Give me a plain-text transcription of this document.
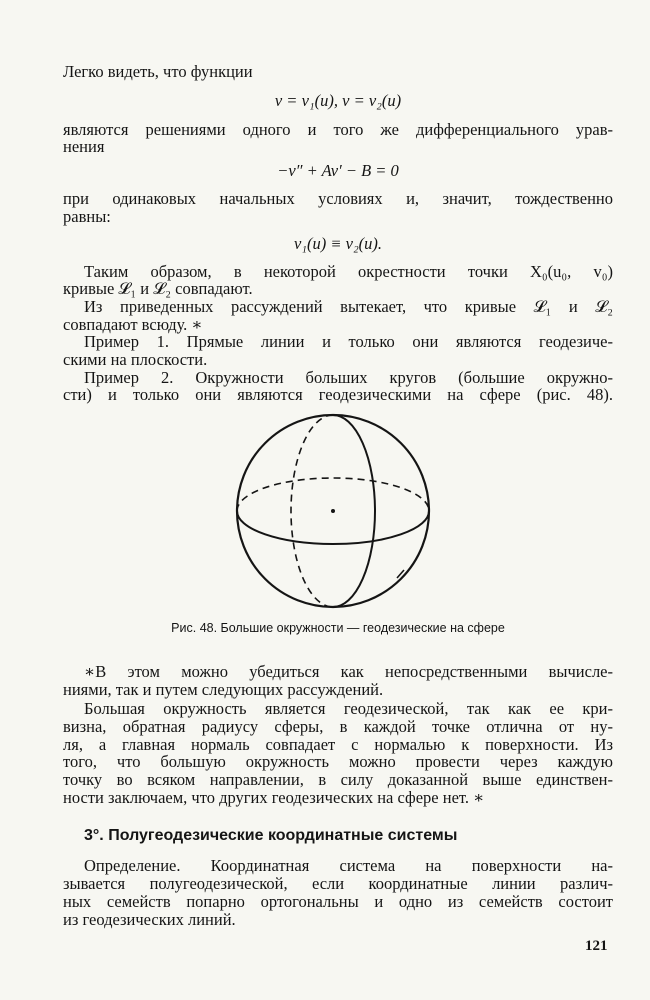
Легко видеть, что функции
v = v₁(u), v = v₂(u)
являются решениями одного и того же дифференциального урав-
нения
−v″ + Av′ − B = 0
при одинаковых начальных условиях и, значит, тождественно
равны:
v₁(u) ≡ v₂(u).
Таким образом, в некоторой окрестности точки X₀(u₀, v₀)
кривые 𝓛₁ и 𝓛₂ совпадают.
Из приведенных рассуждений вытекает, что кривые 𝓛₁ и 𝓛₂
совпадают всюду. ∗
Пример 1. Прямые линии и только они являются геодезиче-
скими на плоскости.
Пример 2. Окружности больших кругов (большие окружно-
сти) и только они являются геодезическими на сфере (рис. 48).
Рис. 48. Большие окружности — геодезические на сфере
∗В этом можно убедиться как непосредственными вычисле-
ниями, так и путем следующих рассуждений.
Большая окружность является геодезической, так как ее кри-
визна, обратная радиусу сферы, в каждой точке отлична от ну-
ля, а главная нормаль совпадает с нормалью к поверхности. Из
того, что большую окружность можно провести через каждую
точку во всяком направлении, в силу доказанной выше единствен-
ности заключаем, что других геодезических на сфере нет. ∗
3°. Полугеодезические координатные системы
Определение. Координатная система на поверхности на-
зывается полугеодезической, если координатные линии различ-
ных семейств попарно ортогональны и одно из семейств состоит
из геодезических линий.
121
